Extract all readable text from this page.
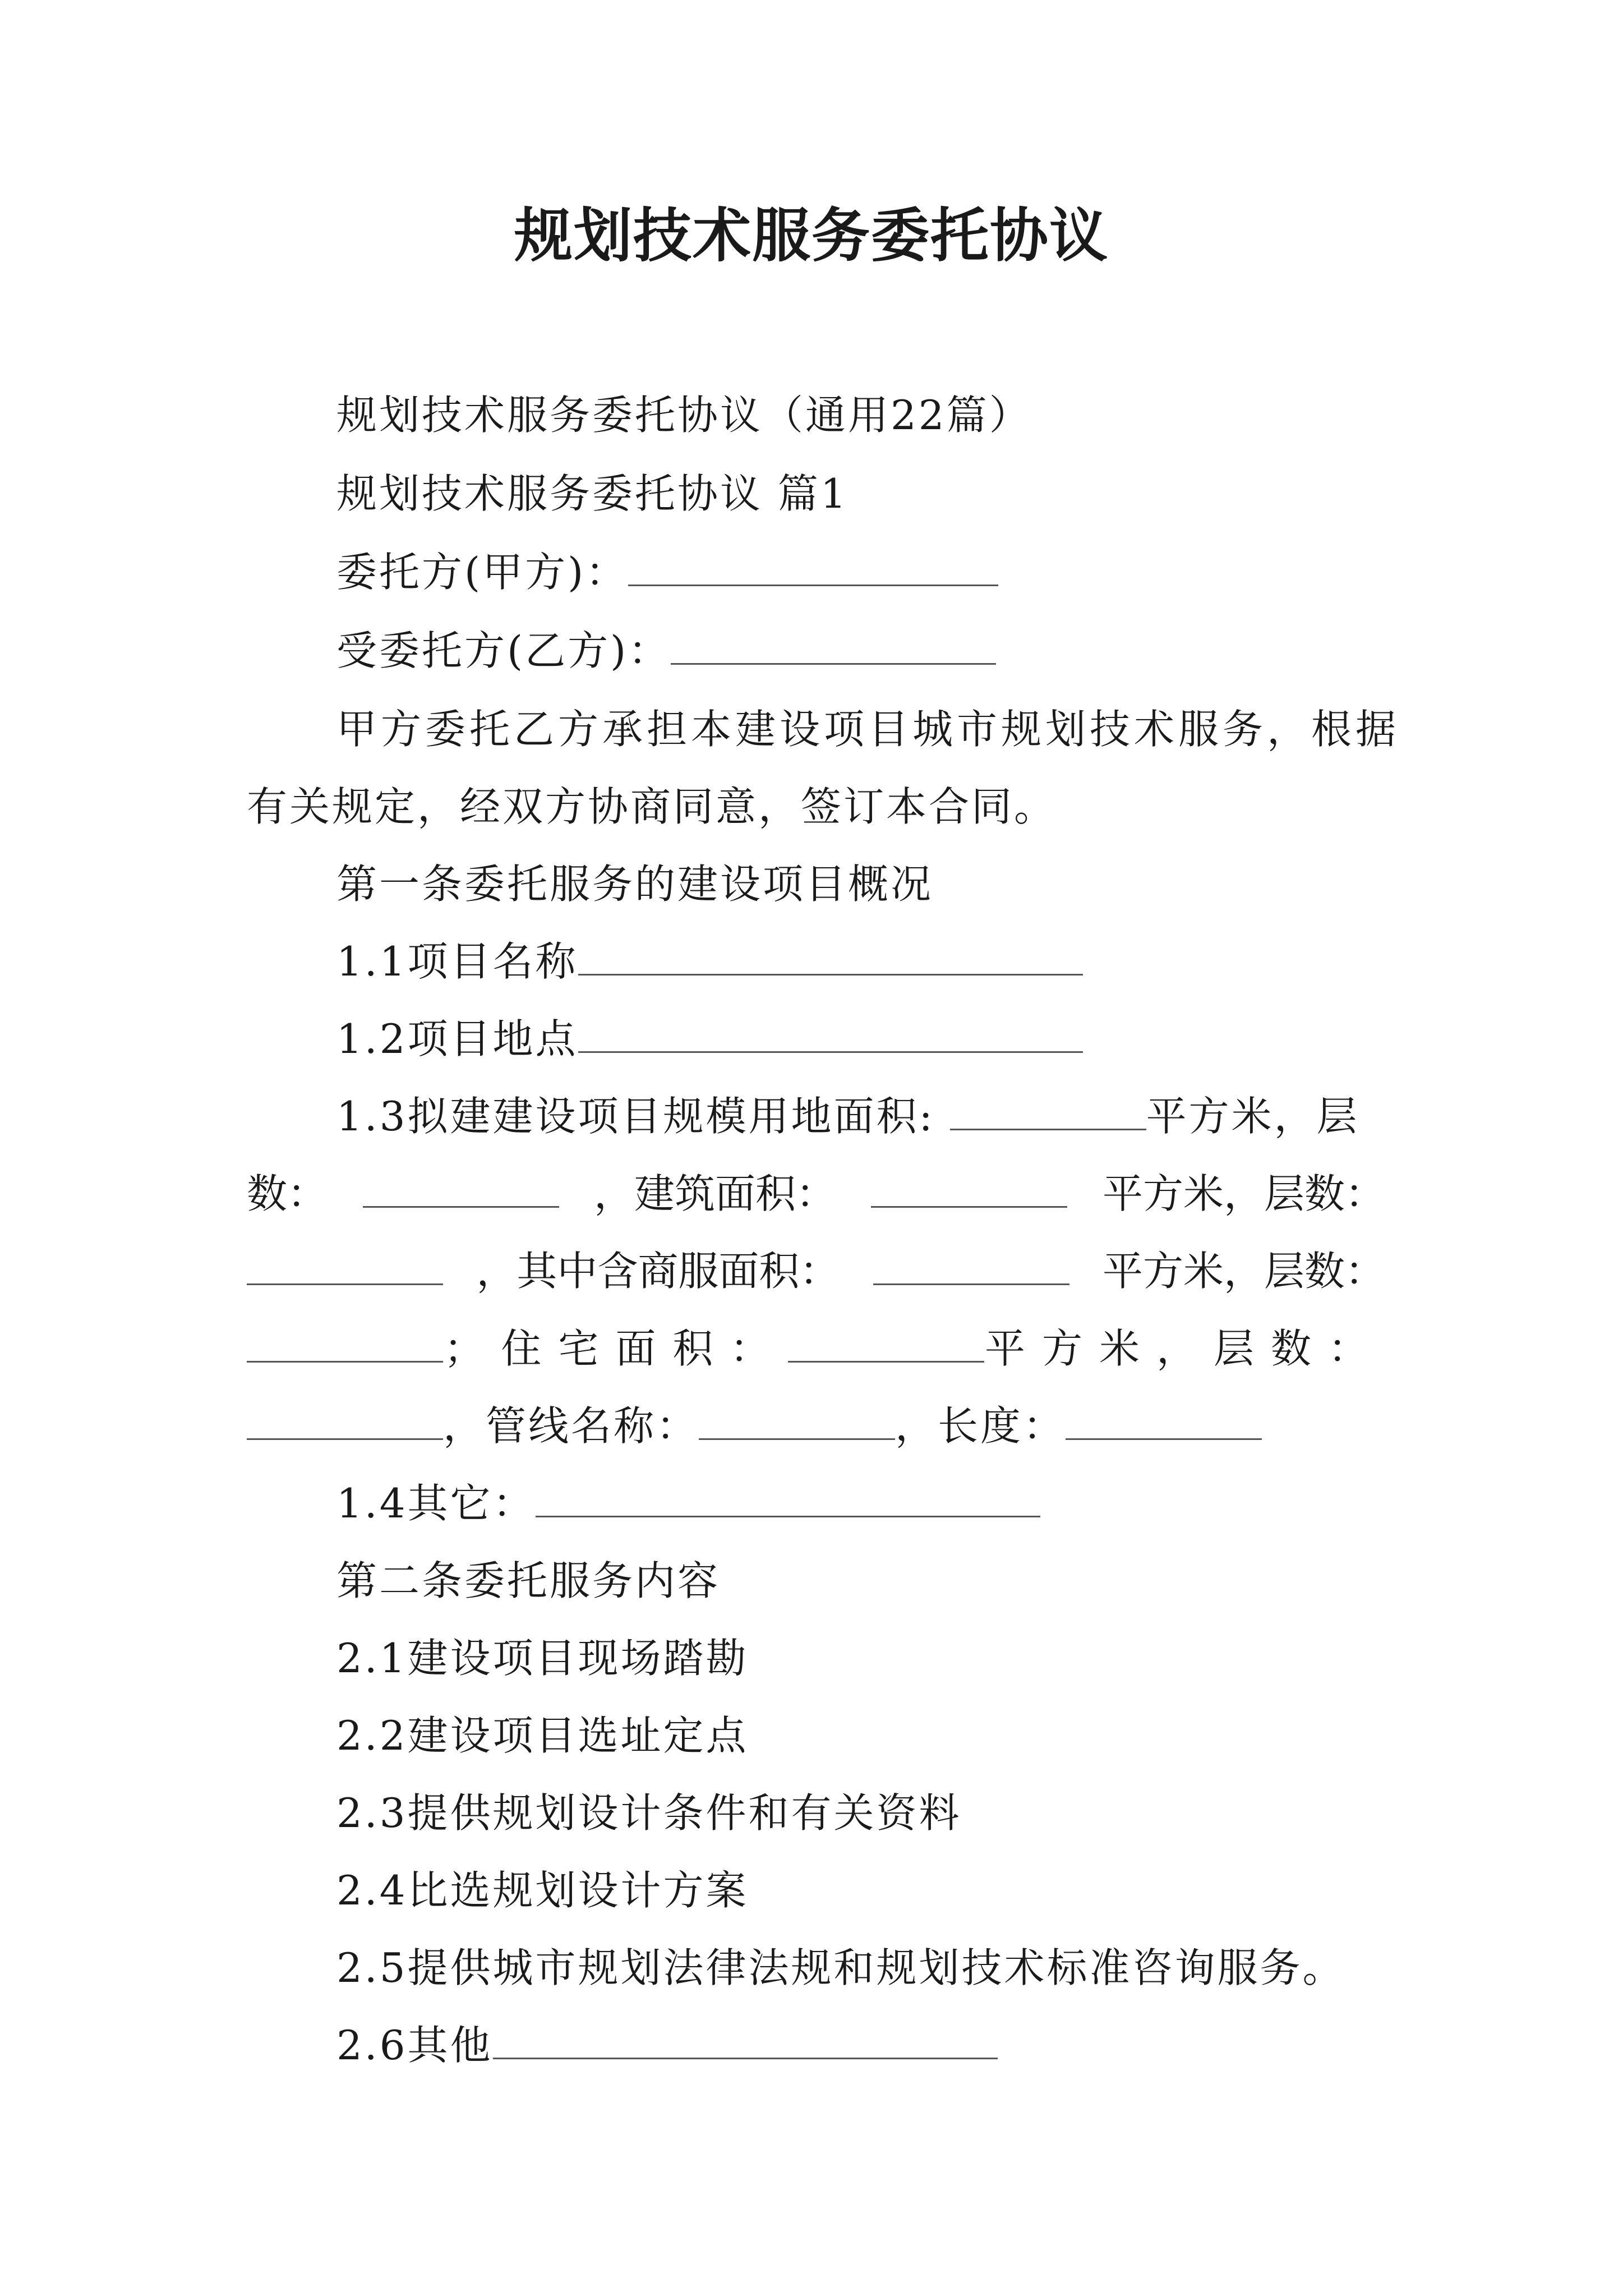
规划技术服务委托协议
规划技术服务委托协议（通用22篇）
规划技术服务委托协议 篇1
委托方(甲方)：
受委托方(乙方)：
甲方委托乙方承担本建设项目城市规划技术服务，根据
有关规定，经双方协商同意，签订本合同。
第一条委托服务的建设项目概况
1.1项目名称
1.2项目地点
1.3拟建建设项目规模用地面积:	平方米，层
数：	，建筑面积：	平方米，层数：
，其中含商服面积：	平方米，层数：
；住宅面积：	平方米，层数：
，管线名称：	，长度：
1.4其它：
第二条委托服务内容
2.1建设项目现场踏勘
2.2建设项目选址定点
2.3提供规划设计条件和有关资料
2.4比选规划设计方案
2.5提供城市规划法律法规和规划技术标准咨询服务。
2.6其他
